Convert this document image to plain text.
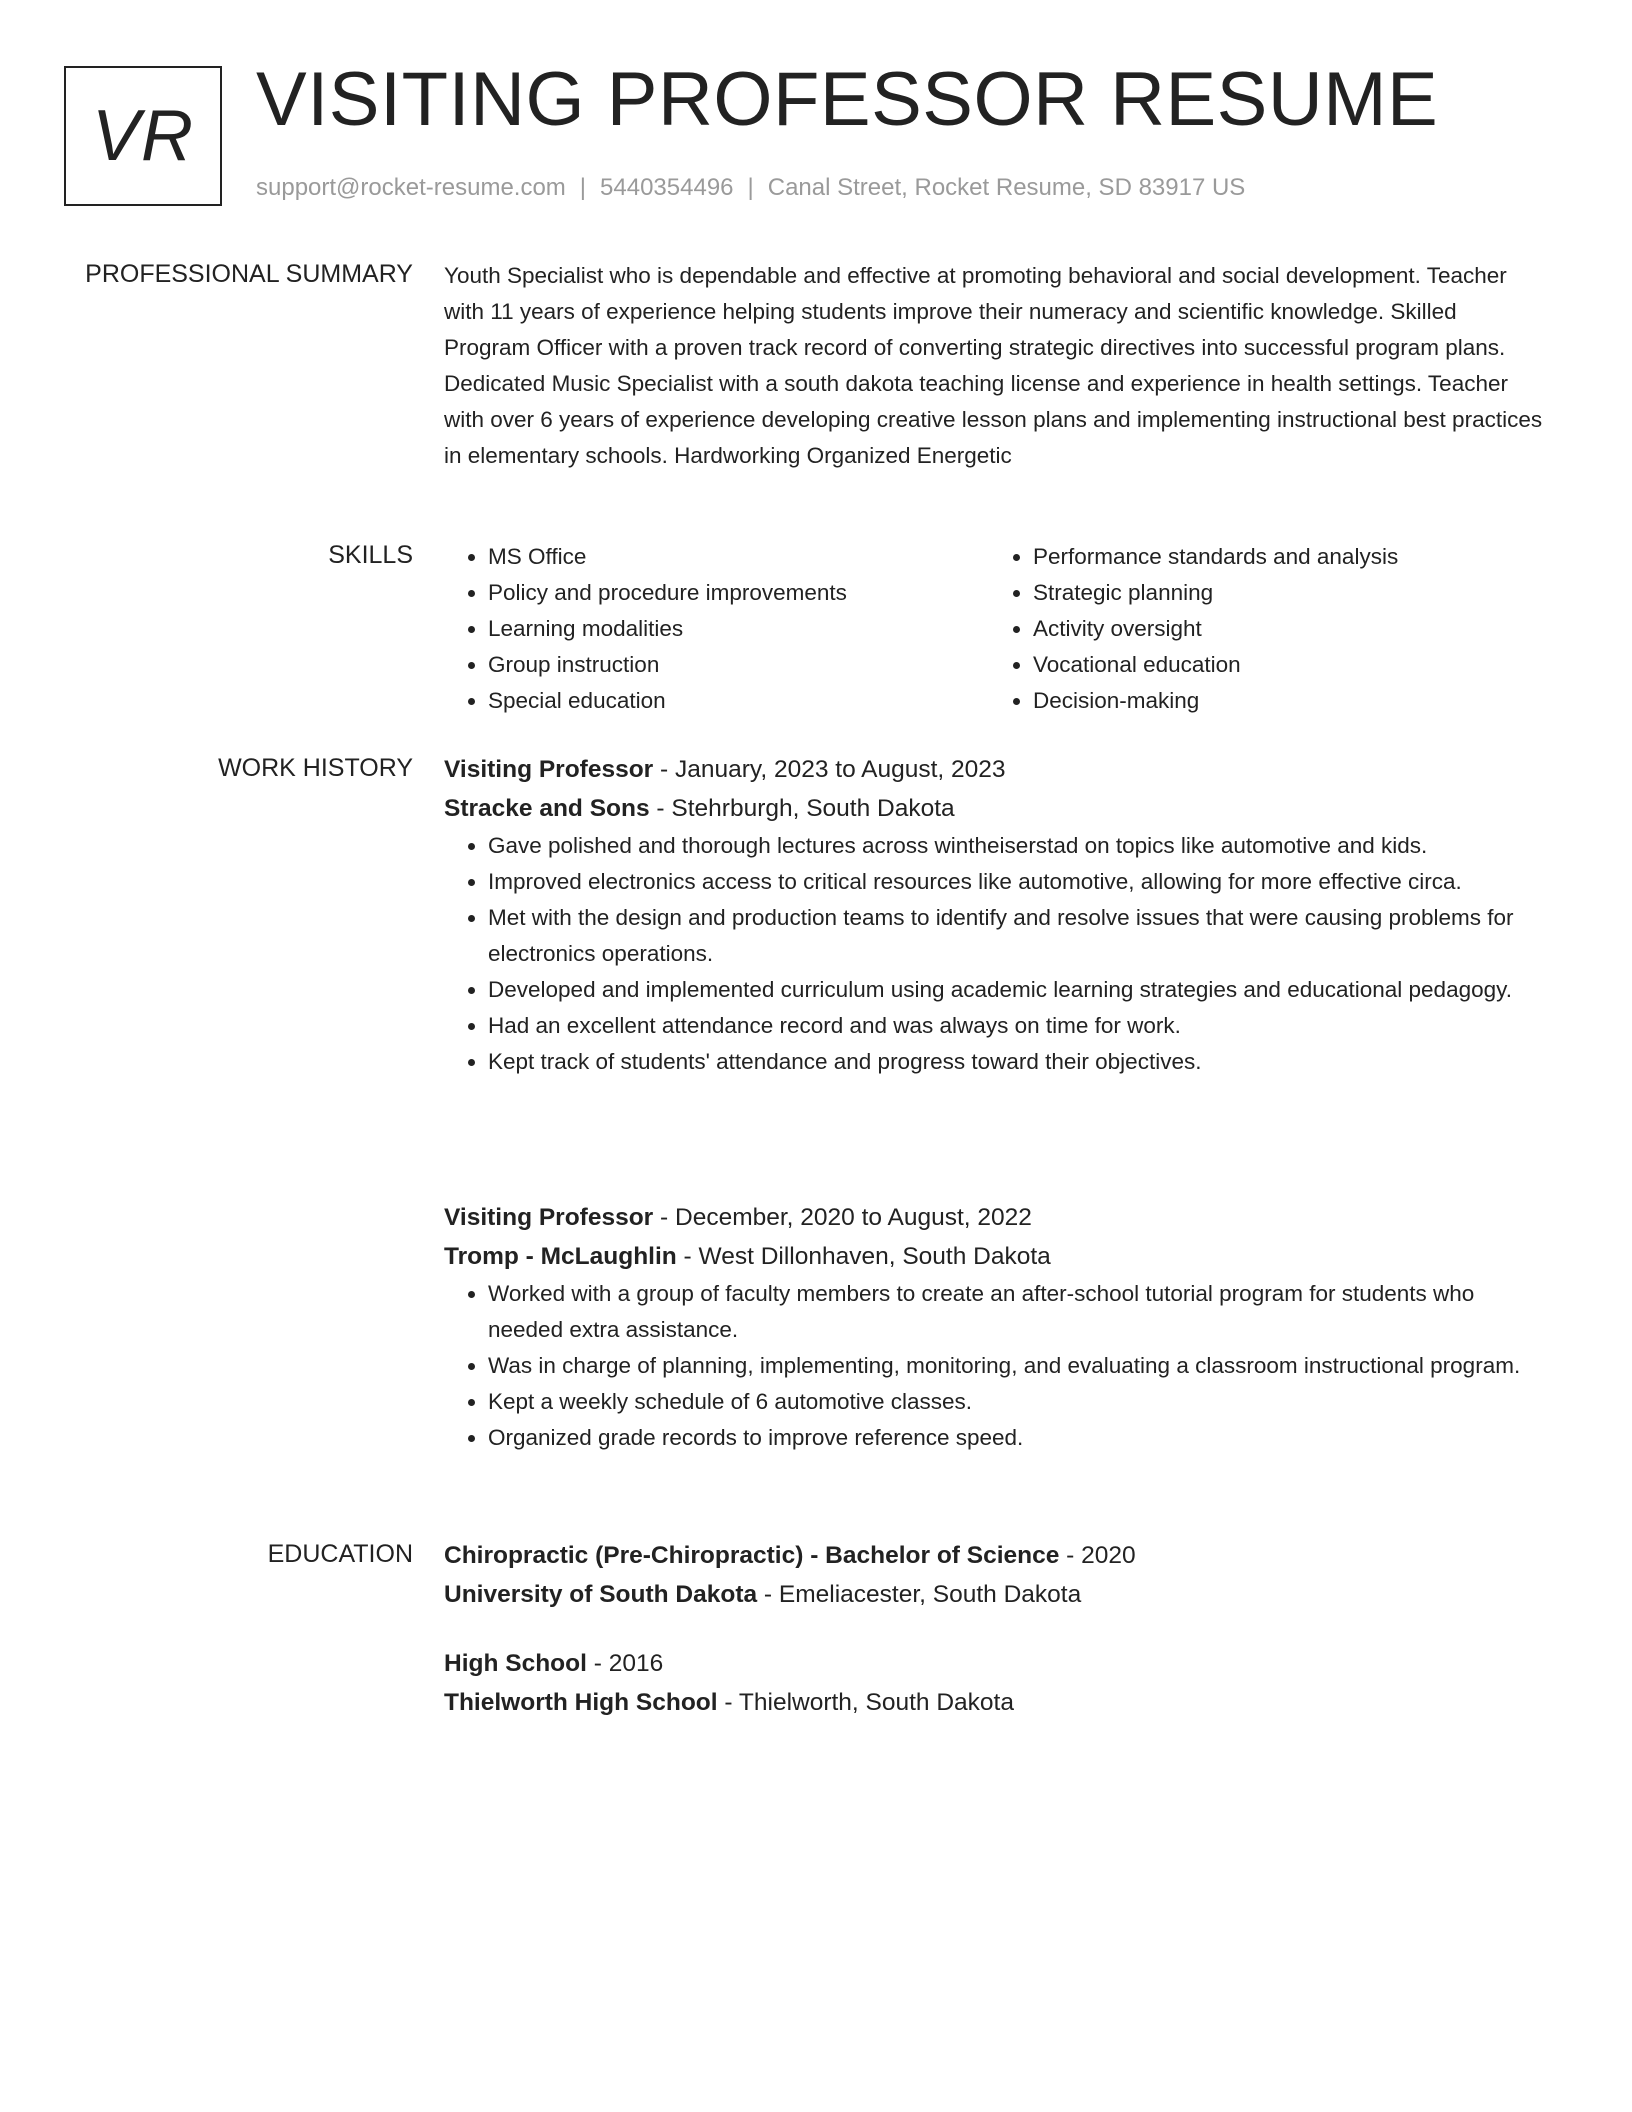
VR VISITING PROFESSOR RESUME
support@rocket-resume.com | 5440354496 | Canal Street, Rocket Resume, SD 83917 US
PROFESSIONAL SUMMARY Youth Specialist who is dependable and effective at promoting behavioral and social development. Teacher with 11 years of experience helping students improve their numeracy and scientific knowledge. Skilled Program Officer with a proven track record of converting strategic directives into successful program plans. Dedicated Music Specialist with a south dakota teaching license and experience in health settings. Teacher with over 6 years of experience developing creative lesson plans and implementing instructional best practices in elementary schools. Hardworking Organized Energetic

SKILLS
•	MS Office
• Policy and procedure improvements
• Learning modalities
• Group instruction
• Special education
• Performance standards and analysis
• Strategic planning
• Activity oversight
• Vocational education
• Decision-making
WORK HISTORY Visiting Professor - January, 2023 to August, 2023
Stracke and Sons - Stehrburgh, South Dakota
• Gave polished and thorough lectures across wintheiserstad on topics like automotive and kids.
• Improved electronics access to critical resources like automotive, allowing for more effective circa.
• Met with the design and production teams to identify and resolve issues that were causing problems for electronics operations.
• Developed and implemented curriculum using academic learning strategies and educational pedagogy.
• Had an excellent attendance record and was always on time for work.
• Kept track of students' attendance and progress toward their objectives.
Visiting Professor - December, 2020 to August, 2022
Tromp - McLaughlin - West Dillonhaven, South Dakota
• Worked with a group of faculty members to create an after-school tutorial program for students who needed extra assistance.
• Was in charge of planning, implementing, monitoring, and evaluating a classroom instructional program.
• Kept a weekly schedule of 6 automotive classes.
• Organized grade records to improve reference speed.
EDUCATION Chiropractic (Pre-Chiropractic) - Bachelor of Science - 2020
University of South Dakota - Emeliacester, South Dakota
High School - 2016
Thielworth High School - Thielworth, South Dakota
